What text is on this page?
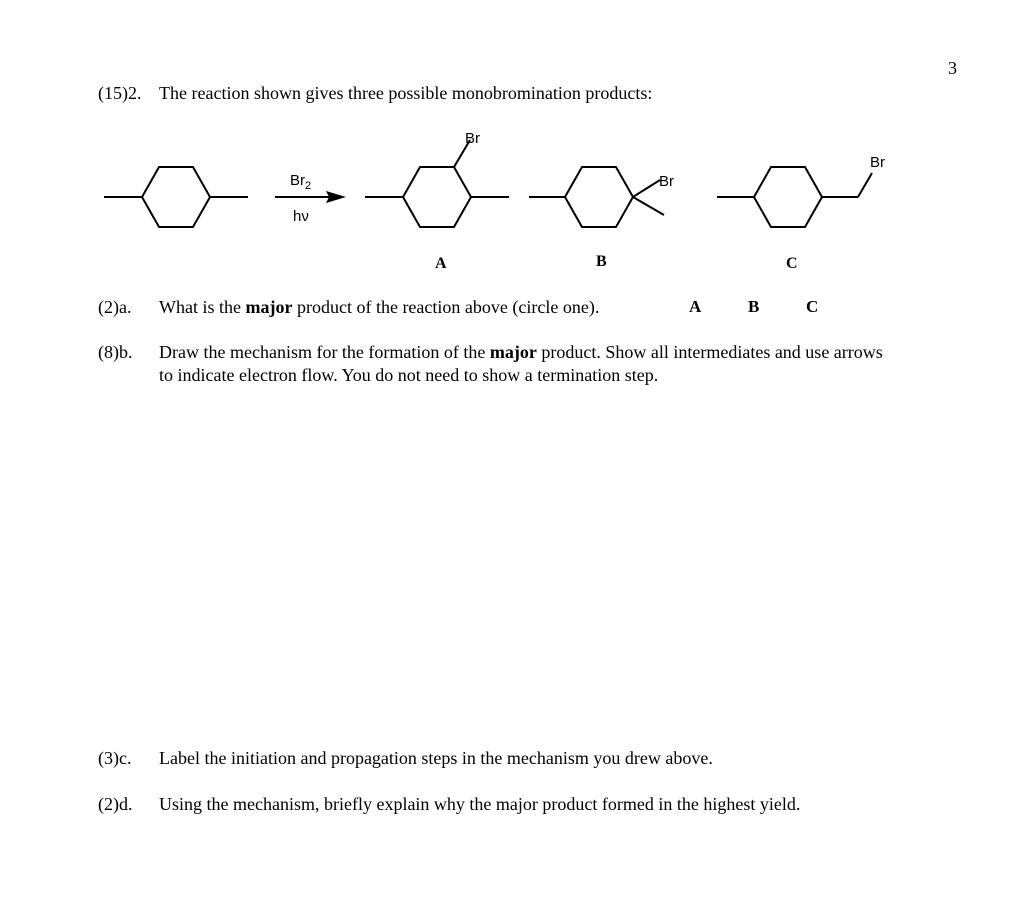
3
(15)2. The reaction shown gives three possible monobromination products:
$Br_2$
hν
Br
Br
Br
A	B	C
(2)a. What is the major product of the reaction above (circle one).	A	B	C
(8)b. Draw the mechanism for the formation of the major product. Show all intermediates and use arrows
to indicate electron flow. You do not need to show a termination step.
(3)c. Label the initiation and propagation steps in the mechanism you drew above.
(2)d. Using the mechanism, briefly explain why the major product formed in the highest yield.
